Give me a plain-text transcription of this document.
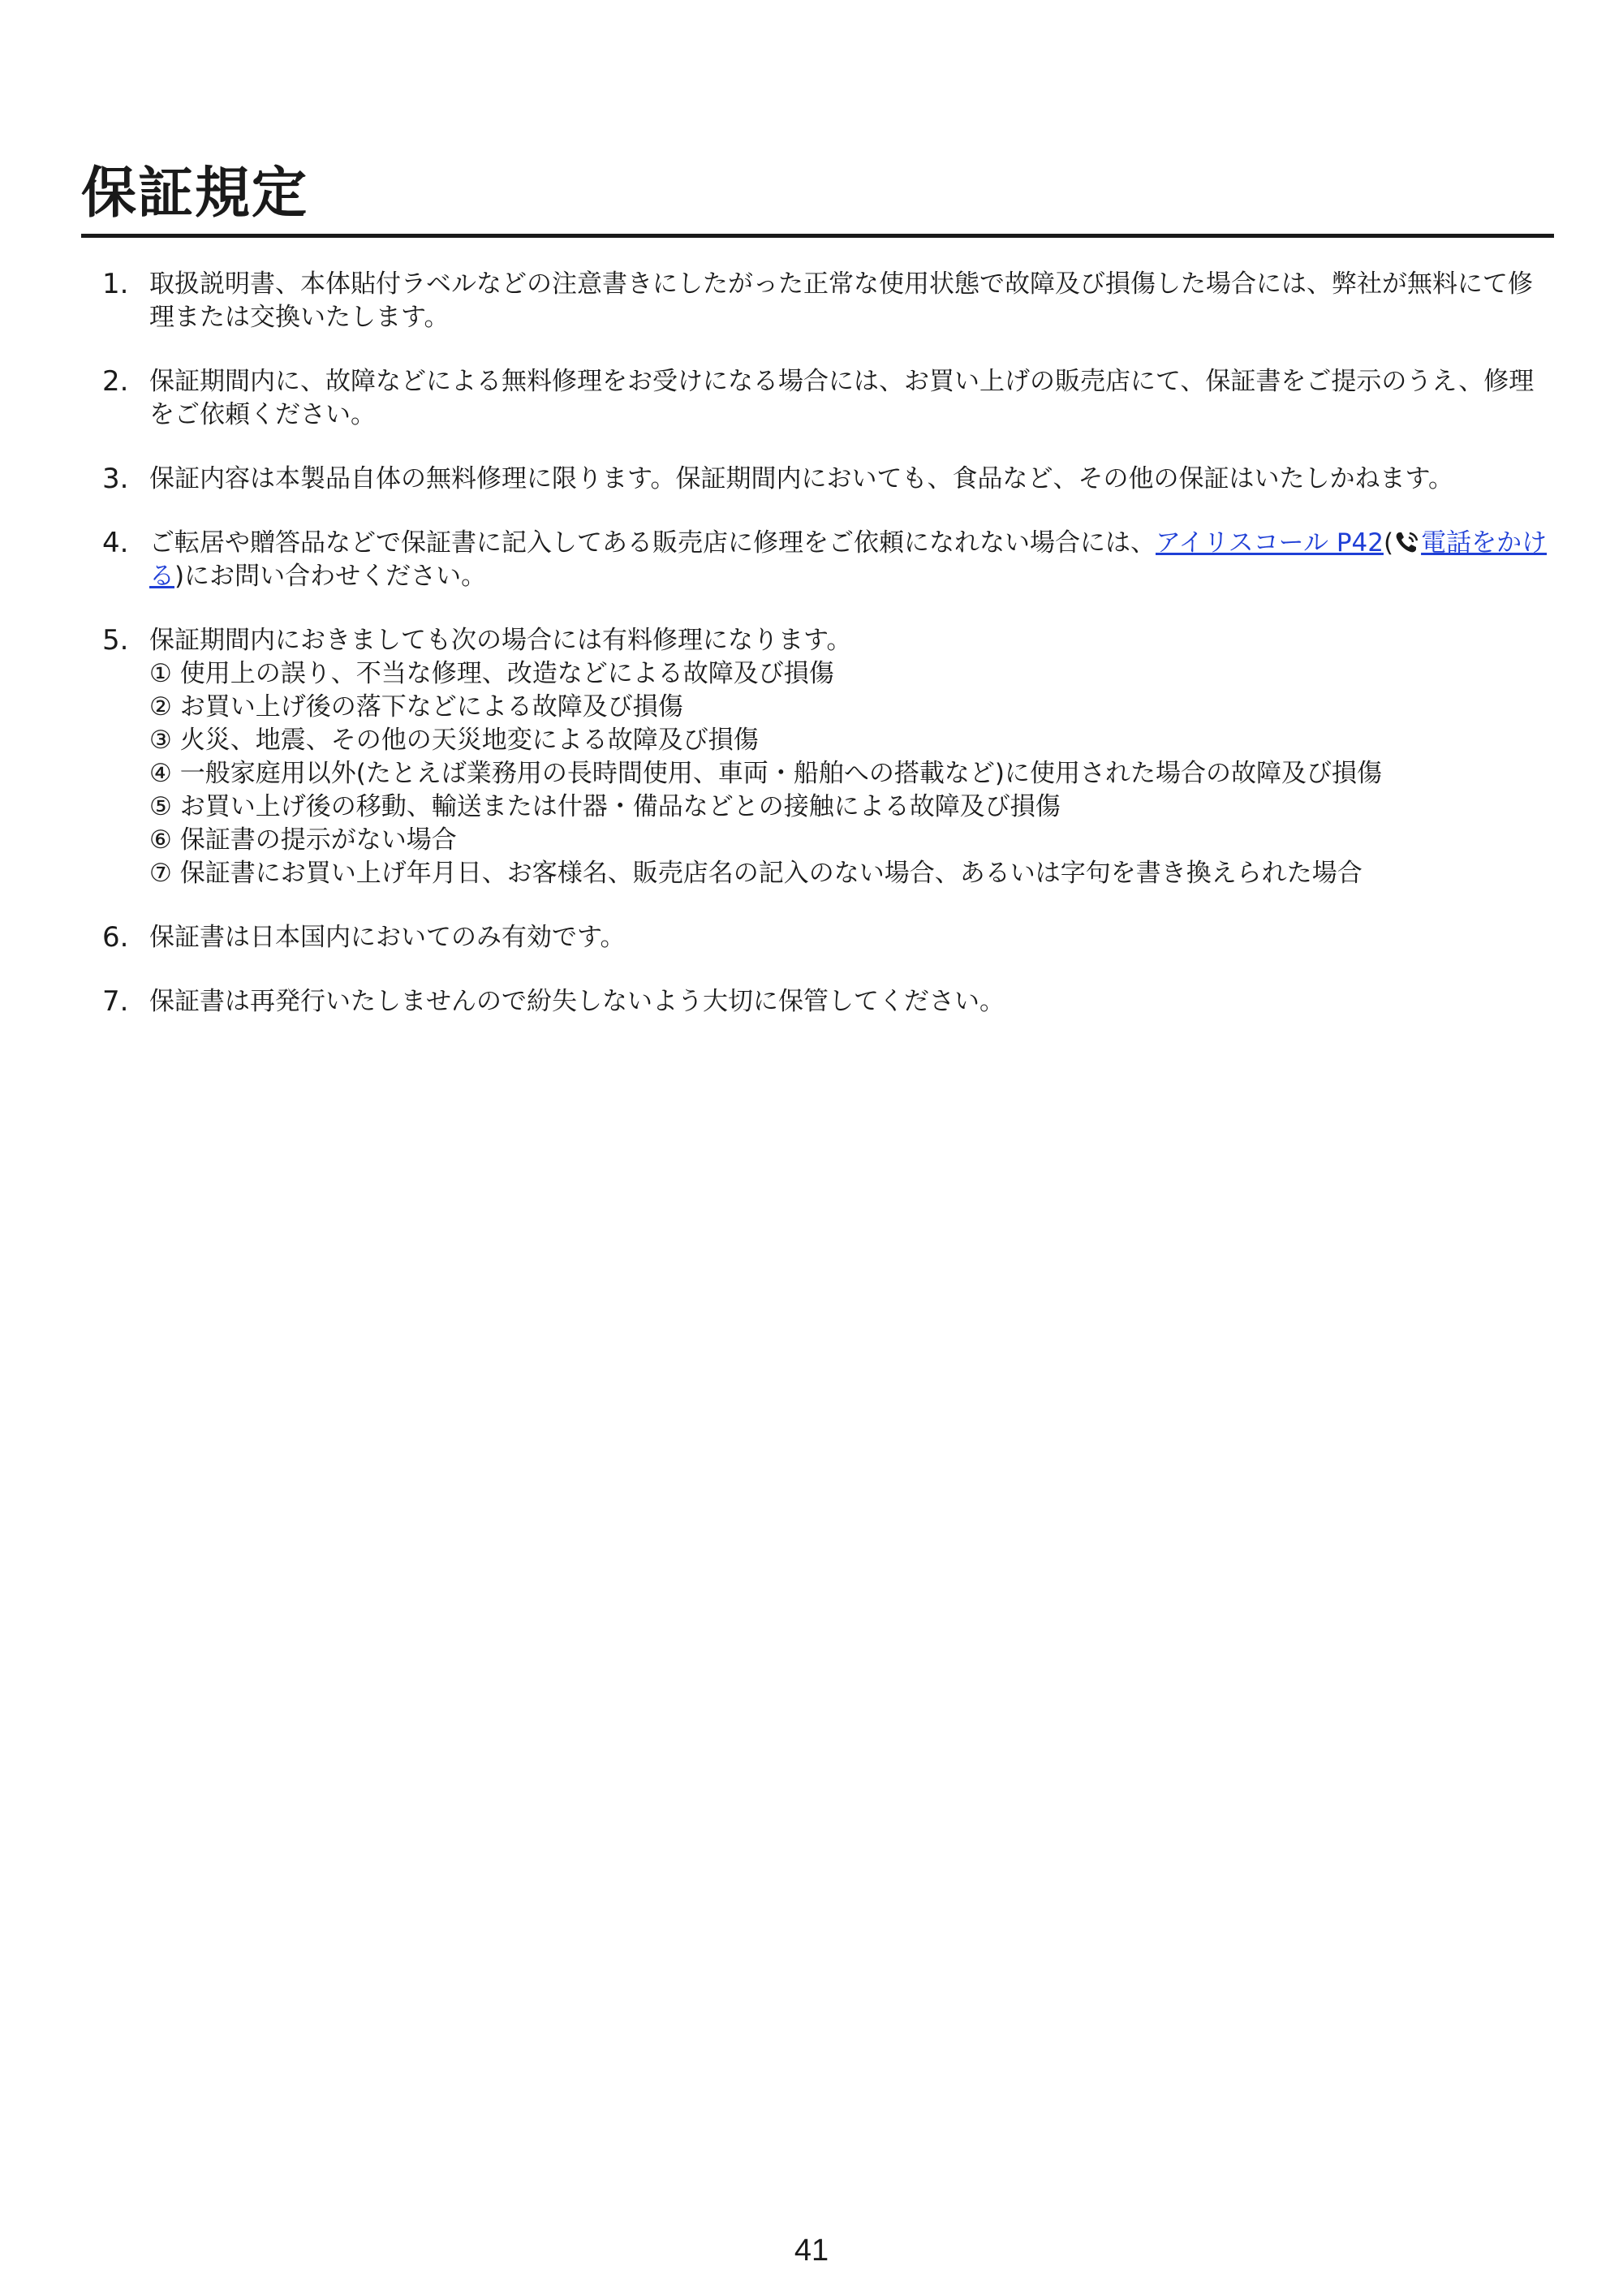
保証規定
1. 取扱説明書、本体貼付ラベルなどの注意書きにしたがった正常な使用状態で故障及び損傷した場合には、弊社が無料にて修理または交換いたします。
2. 保証期間内に、故障などによる無料修理をお受けになる場合には、お買い上げの販売店にて、保証書をご提示のうえ、修理をご依頼ください。
3. 保証内容は本製品自体の無料修理に限ります。保証期間内においても、食品など、その他の保証はいたしかねます。
4. ご転居や贈答品などで保証書に記入してある販売店に修理をご依頼になれない場合には、アイリスコール P42( 電話をかける)にお問い合わせください。
5. 保証期間内におきましても次の場合には有料修理になります。
① 使用上の誤り、不当な修理、改造などによる故障及び損傷
② お買い上げ後の落下などによる故障及び損傷
③ 火災、地震、その他の天災地変による故障及び損傷
④ 一般家庭用以外(たとえば業務用の長時間使用、車両・船舶への搭載など)に使用された場合の故障及び損傷
⑤ お買い上げ後の移動、輸送または什器・備品などとの接触による故障及び損傷
⑥ 保証書の提示がない場合
⑦ 保証書にお買い上げ年月日、お客様名、販売店名の記入のない場合、あるいは字句を書き換えられた場合
6. 保証書は日本国内においてのみ有効です。
7. 保証書は再発行いたしませんので紛失しないよう大切に保管してください。
41
